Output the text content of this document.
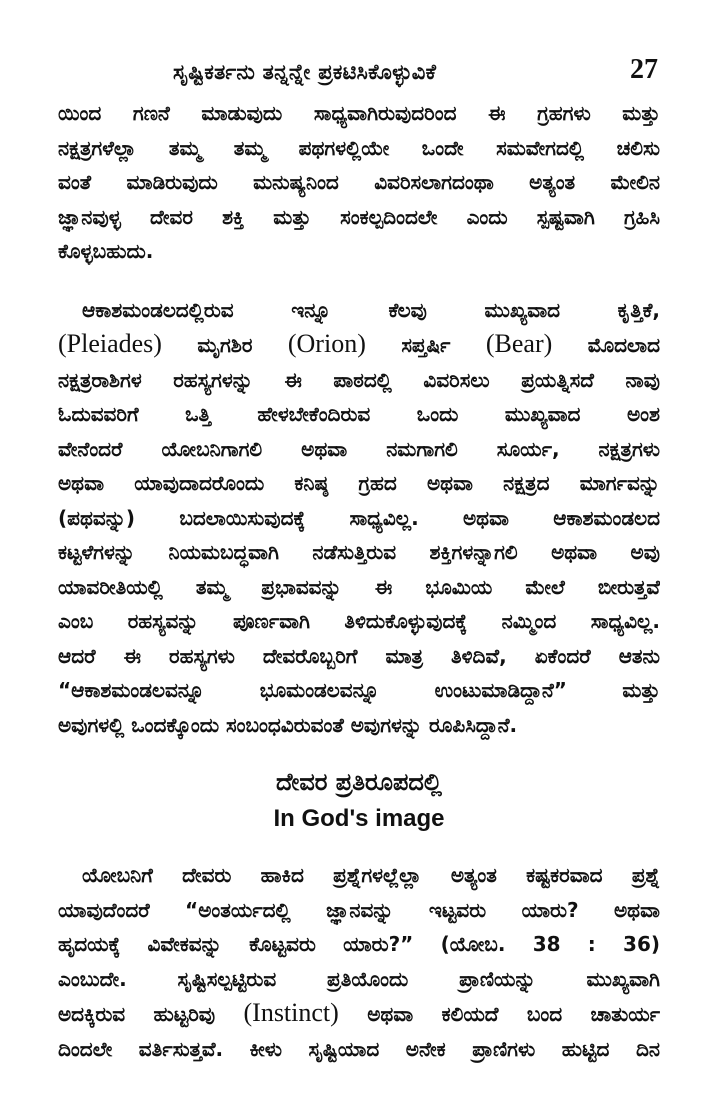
ಸೃಷ್ಟಿಕರ್ತನು ತನ್ನನ್ನೇ ಪ್ರಕಟಿಸಿಕೊಳ್ಳುವಿಕೆ	27

ಯಿಂದ ಗಣನೆ ಮಾಡುವುದು ಸಾಧ್ಯವಾಗಿರುವುದರಿಂದ ಈ ಗ್ರಹಗಳು ಮತ್ತು
ನಕ್ಷತ್ರಗಳೆಲ್ಲಾ ತಮ್ಮ ತಮ್ಮ ಪಥಗಳಲ್ಲಿಯೇ ಒಂದೇ ಸಮವೇಗದಲ್ಲಿ ಚಲಿಸು
ವಂತೆ ಮಾಡಿರುವುದು ಮನುಷ್ಯನಿಂದ ವಿವರಿಸಲಾಗದಂಥಾ ಅತ್ಯಂತ ಮೇಲಿನ
ಜ್ಞಾನವುಳ್ಳ ದೇವರ ಶಕ್ತಿ ಮತ್ತು ಸಂಕಲ್ಪದಿಂದಲೇ ಎಂದು ಸ್ಪಷ್ಟವಾಗಿ ಗ್ರಹಿಸಿ
ಕೊಳ್ಳಬಹುದು.

ಆಕಾಶಮಂಡಲದಲ್ಲಿರುವ ಇನ್ನೂ ಕೆಲವು ಮುಖ್ಯವಾದ ಕೃತ್ತಿಕೆ,
(Pleiades) ಮೃಗಶಿರ (Orion) ಸಪ್ತರ್ಷಿ (Bear) ಮೊದಲಾದ
ನಕ್ಷತ್ರರಾಶಿಗಳ ರಹಸ್ಯಗಳನ್ನು ಈ ಪಾಠದಲ್ಲಿ ವಿವರಿಸಲು ಪ್ರಯತ್ನಿಸದೆ ನಾವು
ಓದುವವರಿಗೆ ಒತ್ತಿ ಹೇಳಬೇಕೆಂದಿರುವ ಒಂದು ಮುಖ್ಯವಾದ ಅಂಶ
ವೇನೆಂದರೆ ಯೋಬನಿಗಾಗಲಿ ಅಥವಾ ನಮಗಾಗಲಿ ಸೂರ್ಯ, ನಕ್ಷತ್ರಗಳು
ಅಥವಾ ಯಾವುದಾದರೊಂದು ಕನಿಷ್ಠ ಗ್ರಹದ ಅಥವಾ ನಕ್ಷತ್ರದ ಮಾರ್ಗವನ್ನು
(ಪಥವನ್ನು) ಬದಲಾಯಿಸುವುದಕ್ಕೆ ಸಾಧ್ಯವಿಲ್ಲ. ಅಥವಾ ಆಕಾಶಮಂಡಲದ
ಕಟ್ಟಳೆಗಳನ್ನು ನಿಯಮಬದ್ಧವಾಗಿ ನಡೆಸುತ್ತಿರುವ ಶಕ್ತಿಗಳನ್ನಾಗಲಿ ಅಥವಾ ಅವು
ಯಾವರೀತಿಯಲ್ಲಿ ತಮ್ಮ ಪ್ರಭಾವವನ್ನು ಈ ಭೂಮಿಯ ಮೇಲೆ ಬೀರುತ್ತವೆ
ಎಂಬ ರಹಸ್ಯವನ್ನು ಪೂರ್ಣವಾಗಿ ತಿಳಿದುಕೊಳ್ಳುವುದಕ್ಕೆ ನಮ್ಮಿಂದ ಸಾಧ್ಯವಿಲ್ಲ.
ಆದರೆ ಈ ರಹಸ್ಯಗಳು ದೇವರೊಬ್ಬರಿಗೆ ಮಾತ್ರ ತಿಳಿದಿವೆ, ಏಕೆಂದರೆ ಆತನು
“ಆಕಾಶಮಂಡಲವನ್ನೂ ಭೂಮಂಡಲವನ್ನೂ ಉಂಟುಮಾಡಿದ್ದಾನೆ” ಮತ್ತು
ಅವುಗಳಲ್ಲಿ ಒಂದಕ್ಕೊಂದು ಸಂಬಂಧವಿರುವಂತೆ ಅವುಗಳನ್ನು ರೂಪಿಸಿದ್ದಾನೆ.

ದೇವರ ಪ್ರತಿರೂಪದಲ್ಲಿ
In God's image

ಯೋಬನಿಗೆ ದೇವರು ಹಾಕಿದ ಪ್ರಶ್ನೆಗಳಲ್ಲೆಲ್ಲಾ ಅತ್ಯಂತ ಕಷ್ಟಕರವಾದ ಪ್ರಶ್ನೆ
ಯಾವುದೆಂದರೆ “ಅಂತರ್ಯದಲ್ಲಿ ಜ್ಞಾನವನ್ನು ಇಟ್ಟವರು ಯಾರು? ಅಥವಾ
ಹೃದಯಕ್ಕೆ ವಿವೇಕವನ್ನು ಕೊಟ್ಟವರು ಯಾರು?” (ಯೋಬ. 38 : 36)
ಎಂಬುದೇ. ಸೃಷ್ಟಿಸಲ್ಪಟ್ಟಿರುವ ಪ್ರತಿಯೊಂದು ಪ್ರಾಣಿಯನ್ನು ಮುಖ್ಯವಾಗಿ
ಅದಕ್ಕಿರುವ ಹುಟ್ಟರಿವು (Instinct) ಅಥವಾ ಕಲಿಯದೆ ಬಂದ ಚಾತುರ್ಯ
ದಿಂದಲೇ ವರ್ತಿಸುತ್ತವೆ. ಕೀಳು ಸೃಷ್ಟಿಯಾದ ಅನೇಕ ಪ್ರಾಣಿಗಳು ಹುಟ್ಟಿದ ದಿನ
